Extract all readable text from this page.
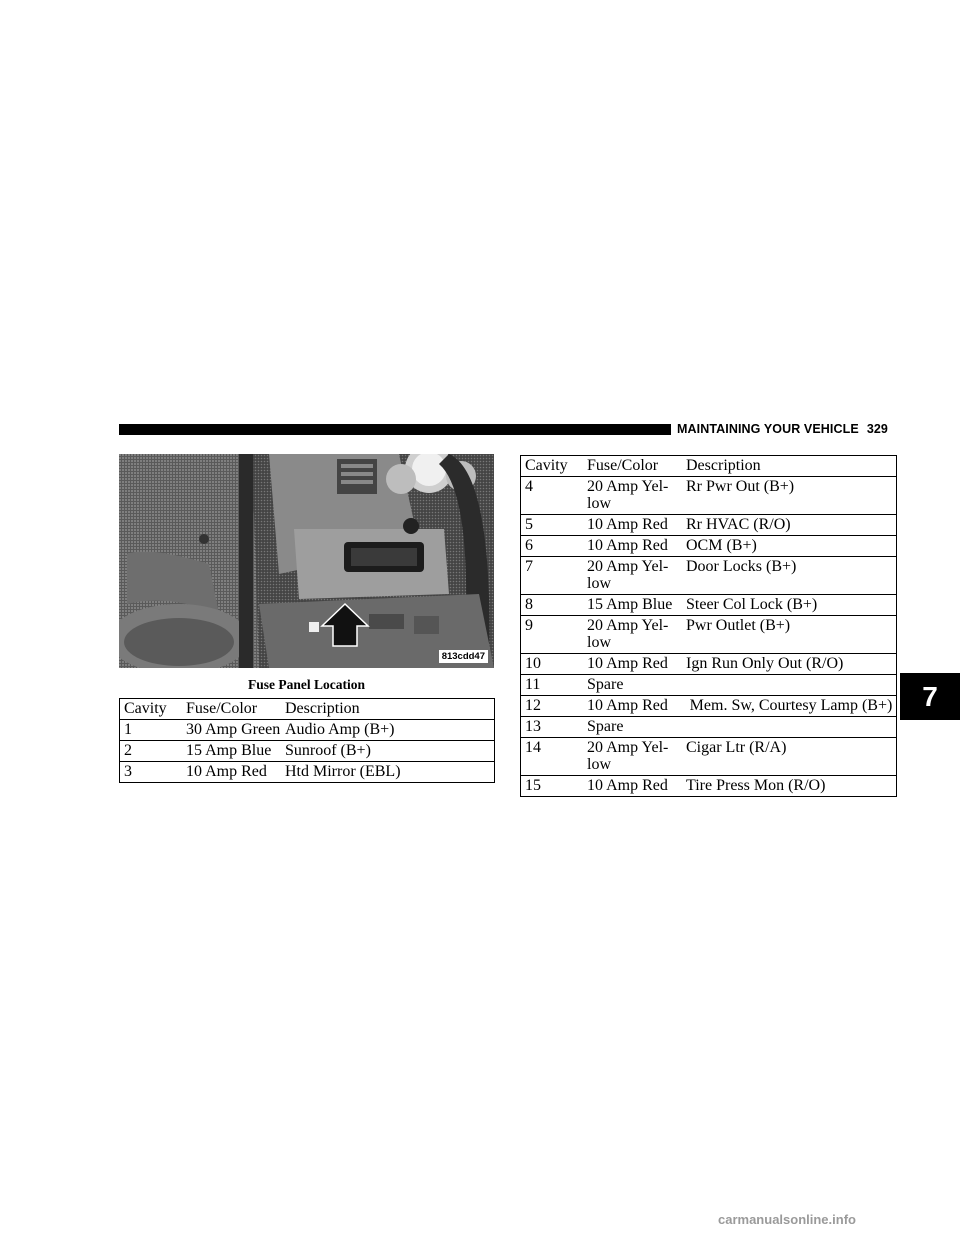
MAINTAINING YOUR VEHICLE 329
813cdd47
Fuse Panel Location
Cavity	Fuse/Color	Description
1	30 Amp Green	Audio Amp (B+)
2	15 Amp Blue	Sunroof (B+)
3	10 Amp Red	Htd Mirror (EBL)
Cavity	Fuse/Color	Description
4	20 Amp Yel- low	Rr Pwr Out (B+)
5	10 Amp Red	Rr HVAC (R/O)
6	10 Amp Red	OCM (B+)
7	20 Amp Yel- low	Door Locks (B+)
8	15 Amp Blue	Steer Col Lock (B+)
9	20 Amp Yel- low	Pwr Outlet (B+)
10	10 Amp Red	Ign Run Only Out (R/O)
11	Spare	
12	10 Amp Red	Mem. Sw, Courtesy Lamp (B+)
13	Spare	
14	20 Amp Yel- low	Cigar Ltr (R/A)
15	10 Amp Red	Tire Press Mon (R/O)
7
carmanualsonline.info
